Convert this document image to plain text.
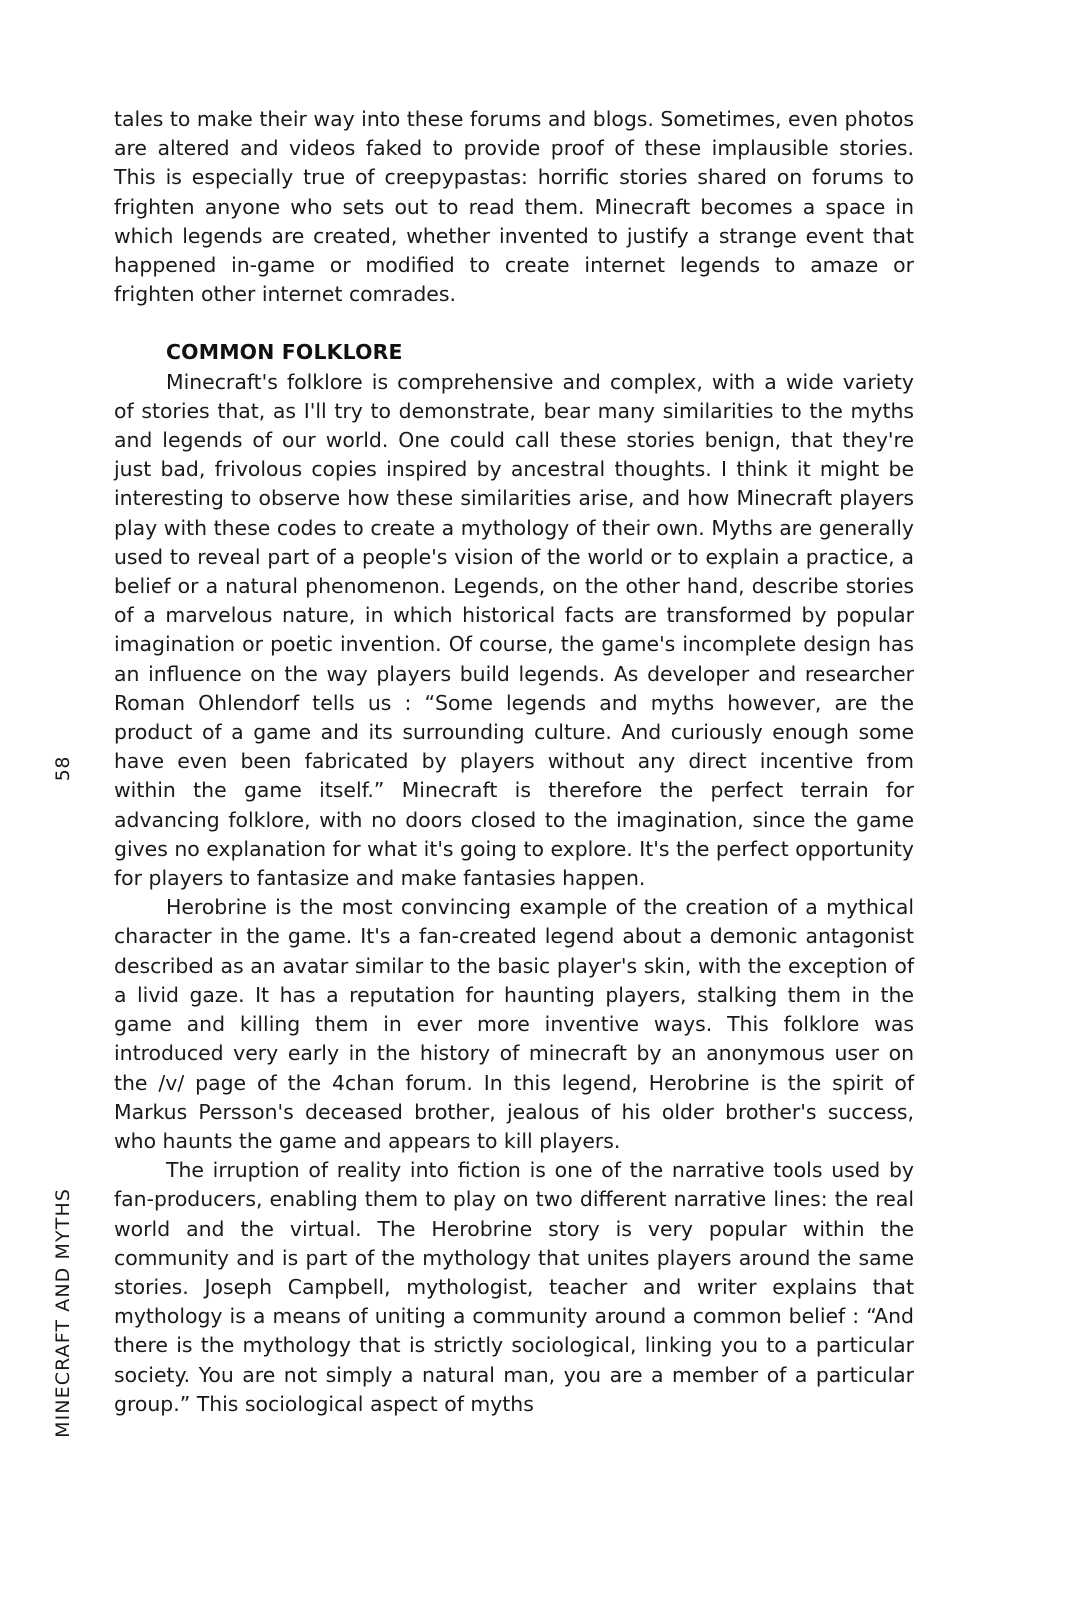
58
MINECRAFT AND MYTHS

tales to make their way into these forums and blogs. Sometimes, even photos are altered and videos faked to provide proof of these implausible stories. This is especially true of creepypastas: horrific stories shared on forums to frighten anyone who sets out to read them. Minecraft becomes a space in which legends are created, whether invented to justify a strange event that happened in-game or modified to create internet legends to amaze or frighten other internet comrades.

COMMON FOLKLORE

Minecraft's folklore is comprehensive and complex, with a wide variety of stories that, as I'll try to demonstrate, bear many similarities to the myths and legends of our world. One could call these stories benign, that they're just bad, frivolous copies inspired by ancestral thoughts. I think it might be interesting to observe how these similarities arise, and how Minecraft players play with these codes to create a mythology of their own. Myths are generally used to reveal part of a people's vision of the world or to explain a practice, a belief or a natural phenomenon. Legends, on the other hand, describe stories of a marvelous nature, in which historical facts are transformed by popular imagination or poetic invention. Of course, the game's incomplete design has an influence on the way players build legends. As developer and researcher Roman Ohlendorf tells us : “Some legends and myths however, are the product of a game and its surrounding culture. And curiously enough some have even been fabricated by players without any direct incentive from within the game itself.” Minecraft is therefore the perfect terrain for advancing folklore, with no doors closed to the imagination, since the game gives no explanation for what it's going to explore. It's the perfect opportunity for players to fantasize and make fantasies happen.

Herobrine is the most convincing example of the creation of a mythical character in the game. It's a fan-created legend about a demonic antagonist described as an avatar similar to the basic player's skin, with the exception of a livid gaze. It has a reputation for haunting players, stalking them in the game and killing them in ever more inventive ways. This folklore was introduced very early in the history of minecraft by an anonymous user on the /v/ page of the 4chan forum. In this legend, Herobrine is the spirit of Markus Persson's deceased brother, jealous of his older brother's success, who haunts the game and appears to kill players.

The irruption of reality into fiction is one of the narrative tools used by fan-producers, enabling them to play on two different narrative lines: the real world and the virtual. The Herobrine story is very popular within the community and is part of the mythology that unites players around the same stories. Joseph Campbell, mythologist, teacher and writer explains that mythology is a means of uniting a community around a common belief : “And there is the mythology that is strictly sociological, linking you to a particular society. You are not simply a natural man, you are a member of a particular group.” This sociological aspect of myths
